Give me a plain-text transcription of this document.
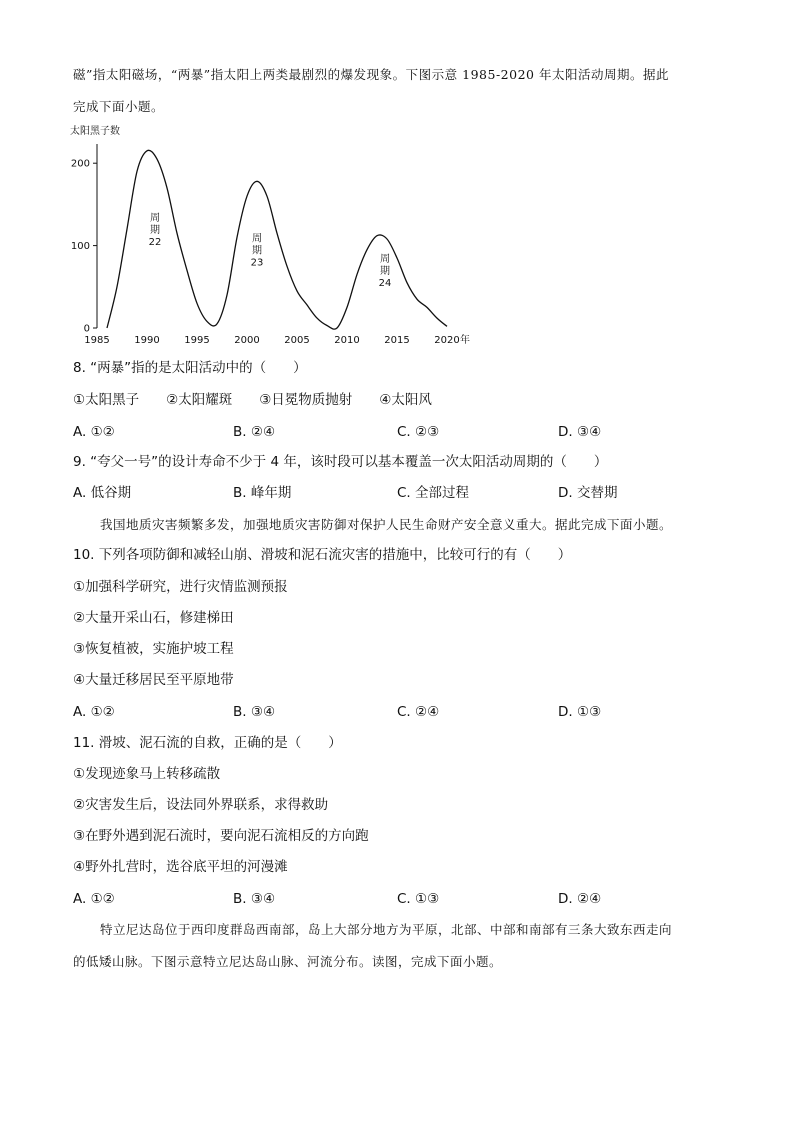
磁”指太阳磁场，“两暴”指太阳上两类最剧烈的爆发现象。下图示意 1985-2020 年太阳活动周期。据此
完成下面小题。
太阳黑子数
0
100
200
1985 1990 1995 2000 2005 2010 2015 2020 年
周期 22	周期 23	周期 24
8. “两暴”指的是太阳活动中的（　　）
①太阳黑子　　②太阳耀斑　　③日冕物质抛射　　④太阳风
A. ①②	B. ②④	C. ②③	D. ③④
9. “夸父一号”的设计寿命不少于 4 年，该时段可以基本覆盖一次太阳活动周期的（　　）
A. 低谷期	B. 峰年期	C. 全部过程	D. 交替期
我国地质灾害频繁多发，加强地质灾害防御对保护人民生命财产安全意义重大。据此完成下面小题。
10. 下列各项防御和减轻山崩、滑坡和泥石流灾害的措施中，比较可行的有（　　）
①加强科学研究，进行灾情监测预报
②大量开采山石，修建梯田
③恢复植被，实施护坡工程
④大量迁移居民至平原地带
A. ①②	B. ③④	C. ②④	D. ①③
11. 滑坡、泥石流的自救，正确的是（　　）
①发现迹象马上转移疏散
②灾害发生后，设法同外界联系，求得救助
③在野外遇到泥石流时，要向泥石流相反的方向跑
④野外扎营时，选谷底平坦的河漫滩
A. ①②	B. ③④	C. ①③	D. ②④
特立尼达岛位于西印度群岛西南部，岛上大部分地方为平原，北部、中部和南部有三条大致东西走向
的低矮山脉。下图示意特立尼达岛山脉、河流分布。读图，完成下面小题。
